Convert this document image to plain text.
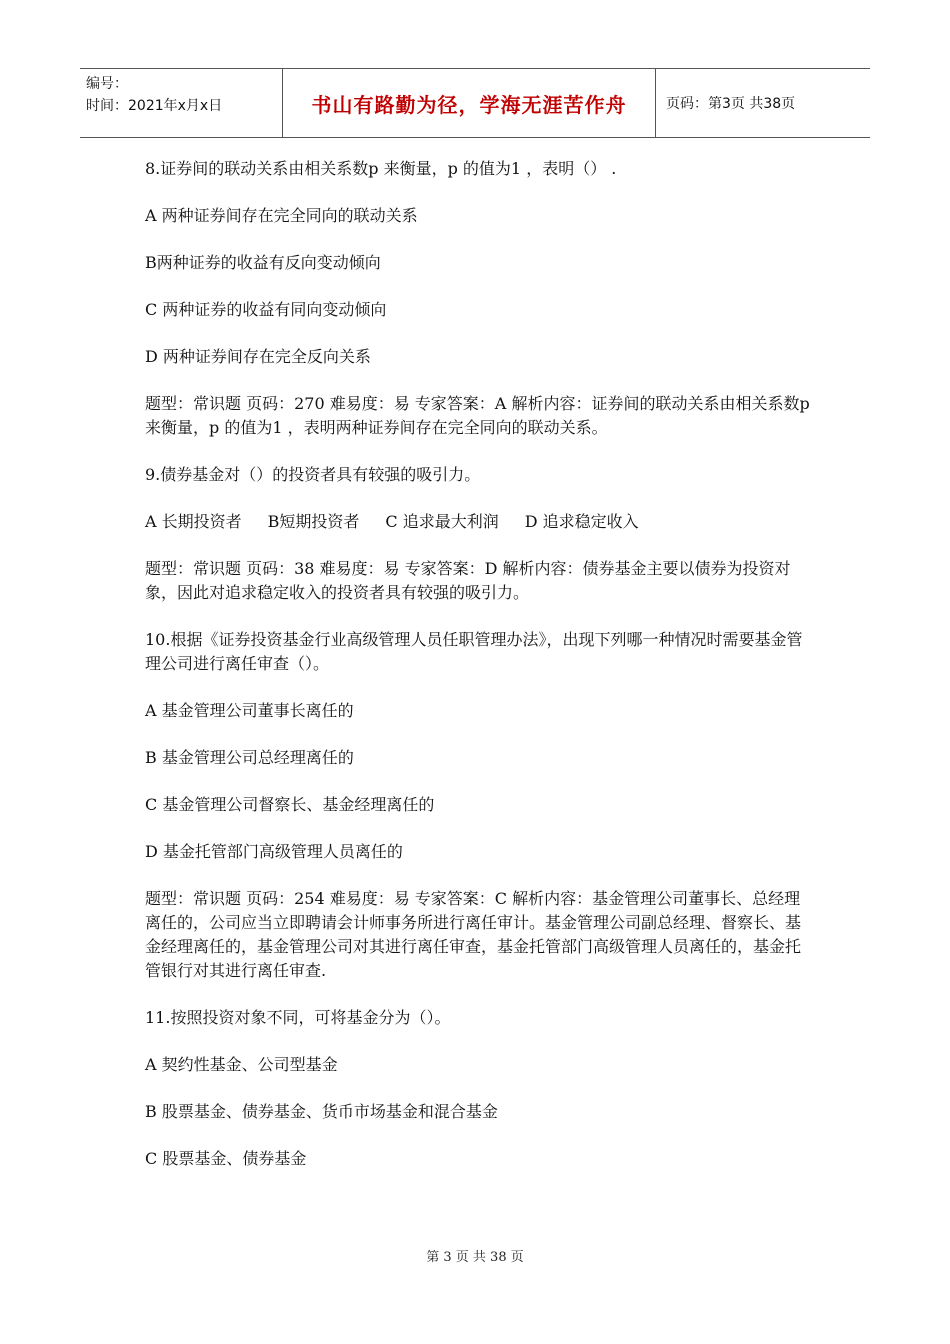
编号：
时间：2021年x月x日	书山有路勤为径，学海无涯苦作舟	页码：第3页 共38页

8.证券间的联动关系由相关系数p 来衡量，p 的值为1 ，表明（） .

A 两种证券间存在完全同向的联动关系

B两种证券的收益有反向变动倾向

C 两种证券的收益有同向变动倾向

D 两种证券间存在完全反向关系

题型：常识题 页码：270 难易度：易 专家答案：A 解析内容：证券间的联动关系由相关系数p 来衡量，p 的值为1 ，表明两种证券间存在完全同向的联动关系。

9.债券基金对（）的投资者具有较强的吸引力。

A 长期投资者 B短期投资者 C 追求最大利润 D 追求稳定收入

题型：常识题 页码：38 难易度：易 专家答案：D 解析内容：债券基金主要以债券为投资对象，因此对追求稳定收入的投资者具有较强的吸引力。

10.根据《证券投资基金行业高级管理人员任职管理办法》，出现下列哪一种情况时需要基金管理公司进行离任审查（）。

A 基金管理公司董事长离任的

B 基金管理公司总经理离任的

C 基金管理公司督察长、基金经理离任的

D 基金托管部门高级管理人员离任的

题型：常识题 页码：254 难易度：易 专家答案：C 解析内容：基金管理公司董事长、总经理离任的，公司应当立即聘请会计师事务所进行离任审计。基金管理公司副总经理、督察长、基金经理离任的，基金管理公司对其进行离任审查，基金托管部门高级管理人员离任的，基金托管银行对其进行离任审查.

11.按照投资对象不同，可将基金分为（）。

A 契约性基金、公司型基金

B 股票基金、债券基金、货币市场基金和混合基金

C 股票基金、债券基金

第 3 页 共 38 页
